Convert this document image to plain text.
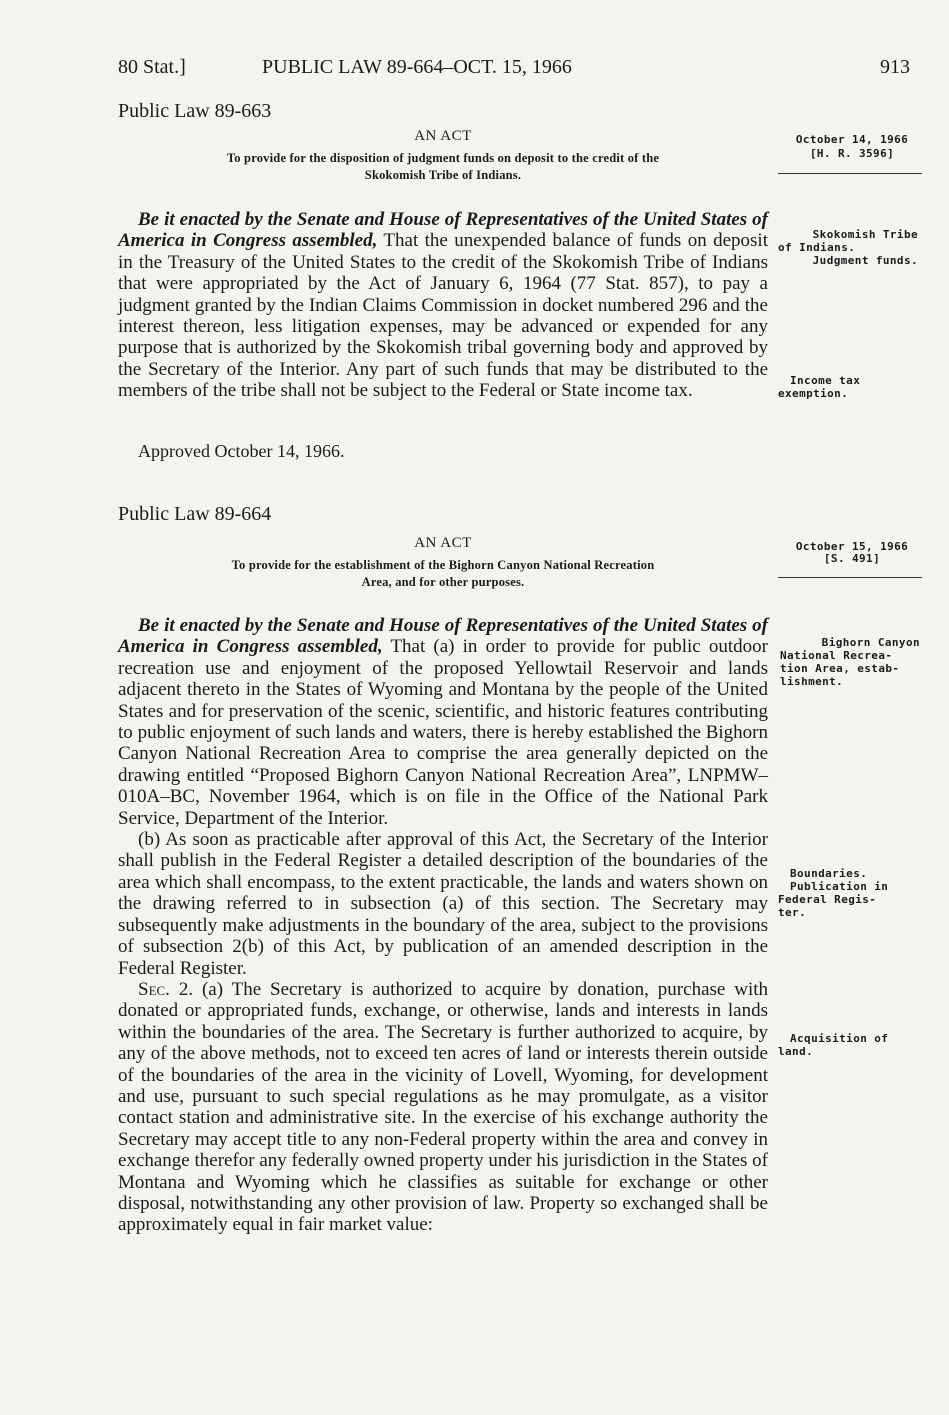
80 Stat.]	PUBLIC LAW 89-664–OCT. 15, 1966	913
Public Law 89-663
AN ACT
To provide for the disposition of judgment funds on deposit to the credit of the
Skokomish Tribe of Indians.
October 14, 1966
[H. R. 3596]

Be it enacted by the Senate and House of Representatives of the United States of America in Congress assembled, That the unexpended balance of funds on deposit in the Treasury of the United States to the credit of the Skokomish Tribe of Indians that were appropriated by the Act of January 6, 1964 (77 Stat. 857), to pay a judgment granted by the Indian Claims Commission in docket numbered 296 and the interest thereon, less litigation expenses, may be advanced or expended for any purpose that is authorized by the Skokomish tribal governing body and approved by the Secretary of the Interior. Any part of such funds that may be distributed to the members of the tribe shall not be subject to the Federal or State income tax.

Approved October 14, 1966.
Skokomish Tribe
of Indians.
Judgment funds.
Income tax
exemption.
Public Law 89-664
AN ACT
To provide for the establishment of the Bighorn Canyon National Recreation
Area, and for other purposes.
October 15, 1966
[S. 491]

Be it enacted by the Senate and House of Representatives of the United States of America in Congress assembled, That (a) in order to provide for public outdoor recreation use and enjoyment of the proposed Yellowtail Reservoir and lands adjacent thereto in the States of Wyoming and Montana by the people of the United States and for preservation of the scenic, scientific, and historic features contributing to public enjoyment of such lands and waters, there is hereby established the Bighorn Canyon National Recreation Area to comprise the area generally depicted on the drawing entitled “Proposed Bighorn Canyon National Recreation Area”, LNPMW–010A–BC, November 1964, which is on file in the Office of the National Park Service, Department of the Interior.

(b) As soon as practicable after approval of this Act, the Secretary of the Interior shall publish in the Federal Register a detailed description of the boundaries of the area which shall encompass, to the extent practicable, the lands and waters shown on the drawing referred to in subsection (a) of this section. The Secretary may subsequently make adjustments in the boundary of the area, subject to the provisions of subsection 2(b) of this Act, by publication of an amended description in the Federal Register.

Sec. 2. (a) The Secretary is authorized to acquire by donation, purchase with donated or appropriated funds, exchange, or otherwise, lands and interests in lands within the boundaries of the area. The Secretary is further authorized to acquire, by any of the above methods, not to exceed ten acres of land or interests therein outside of the boundaries of the area in the vicinity of Lovell, Wyoming, for development and use, pursuant to such special regulations as he may promulgate, as a visitor contact station and administrative site. In the exercise of his exchange authority the Secretary may accept title to any non-Federal property within the area and convey in exchange therefor any federally owned property under his jurisdiction in the States of Montana and Wyoming which he classifies as suitable for exchange or other disposal, notwithstanding any other provision of law. Property so exchanged shall be approximately equal in fair market value:

Bighorn Canyon
National Recrea-
tion Area, estab-
lishment.
Boundaries.
Publication in
Federal Regis-
ter.
Acquisition of
land.
